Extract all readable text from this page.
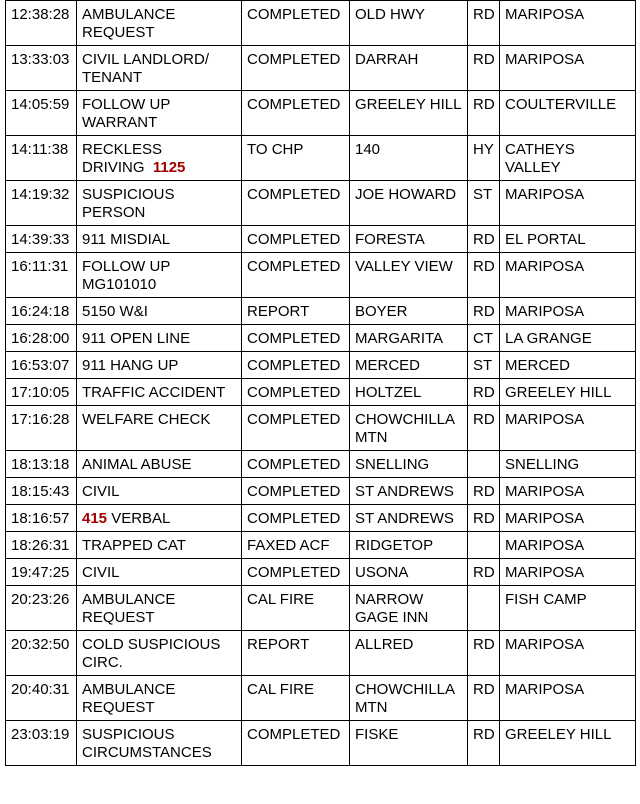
12:38:28	AMBULANCE REQUEST	COMPLETED	OLD HWY	RD	MARIPOSA
13:33:03	CIVIL LANDLORD/ TENANT	COMPLETED	DARRAH	RD	MARIPOSA
14:05:59	FOLLOW UP WARRANT	COMPLETED	GREELEY HILL	RD	COULTERVILLE
14:11:38	RECKLESS DRIVING 1125	TO CHP	140	HY	CATHEYS VALLEY
14:19:32	SUSPICIOUS PERSON	COMPLETED	JOE HOWARD	ST	MARIPOSA
14:39:33	911 MISDIAL	COMPLETED	FORESTA	RD	EL PORTAL
16:11:31	FOLLOW UP MG101010	COMPLETED	VALLEY VIEW	RD	MARIPOSA
16:24:18	5150 W&I	REPORT	BOYER	RD	MARIPOSA
16:28:00	911 OPEN LINE	COMPLETED	MARGARITA	CT	LA GRANGE
16:53:07	911 HANG UP	COMPLETED	MERCED	ST	MERCED
17:10:05	TRAFFIC ACCIDENT	COMPLETED	HOLTZEL	RD	GREELEY HILL
17:16:28	WELFARE CHECK	COMPLETED	CHOWCHILLA MTN	RD	MARIPOSA
18:13:18	ANIMAL ABUSE	COMPLETED	SNELLING		SNELLING
18:15:43	CIVIL	COMPLETED	ST ANDREWS	RD	MARIPOSA
18:16:57	415 VERBAL	COMPLETED	ST ANDREWS	RD	MARIPOSA
18:26:31	TRAPPED CAT	FAXED ACF	RIDGETOP		MARIPOSA
19:47:25	CIVIL	COMPLETED	USONA	RD	MARIPOSA
20:23:26	AMBULANCE REQUEST	CAL FIRE	NARROW GAGE INN		FISH CAMP
20:32:50	COLD SUSPICIOUS CIRC.	REPORT	ALLRED	RD	MARIPOSA
20:40:31	AMBULANCE REQUEST	CAL FIRE	CHOWCHILLA MTN	RD	MARIPOSA
23:03:19	SUSPICIOUS CIRCUMSTANCES	COMPLETED	FISKE	RD	GREELEY HILL
